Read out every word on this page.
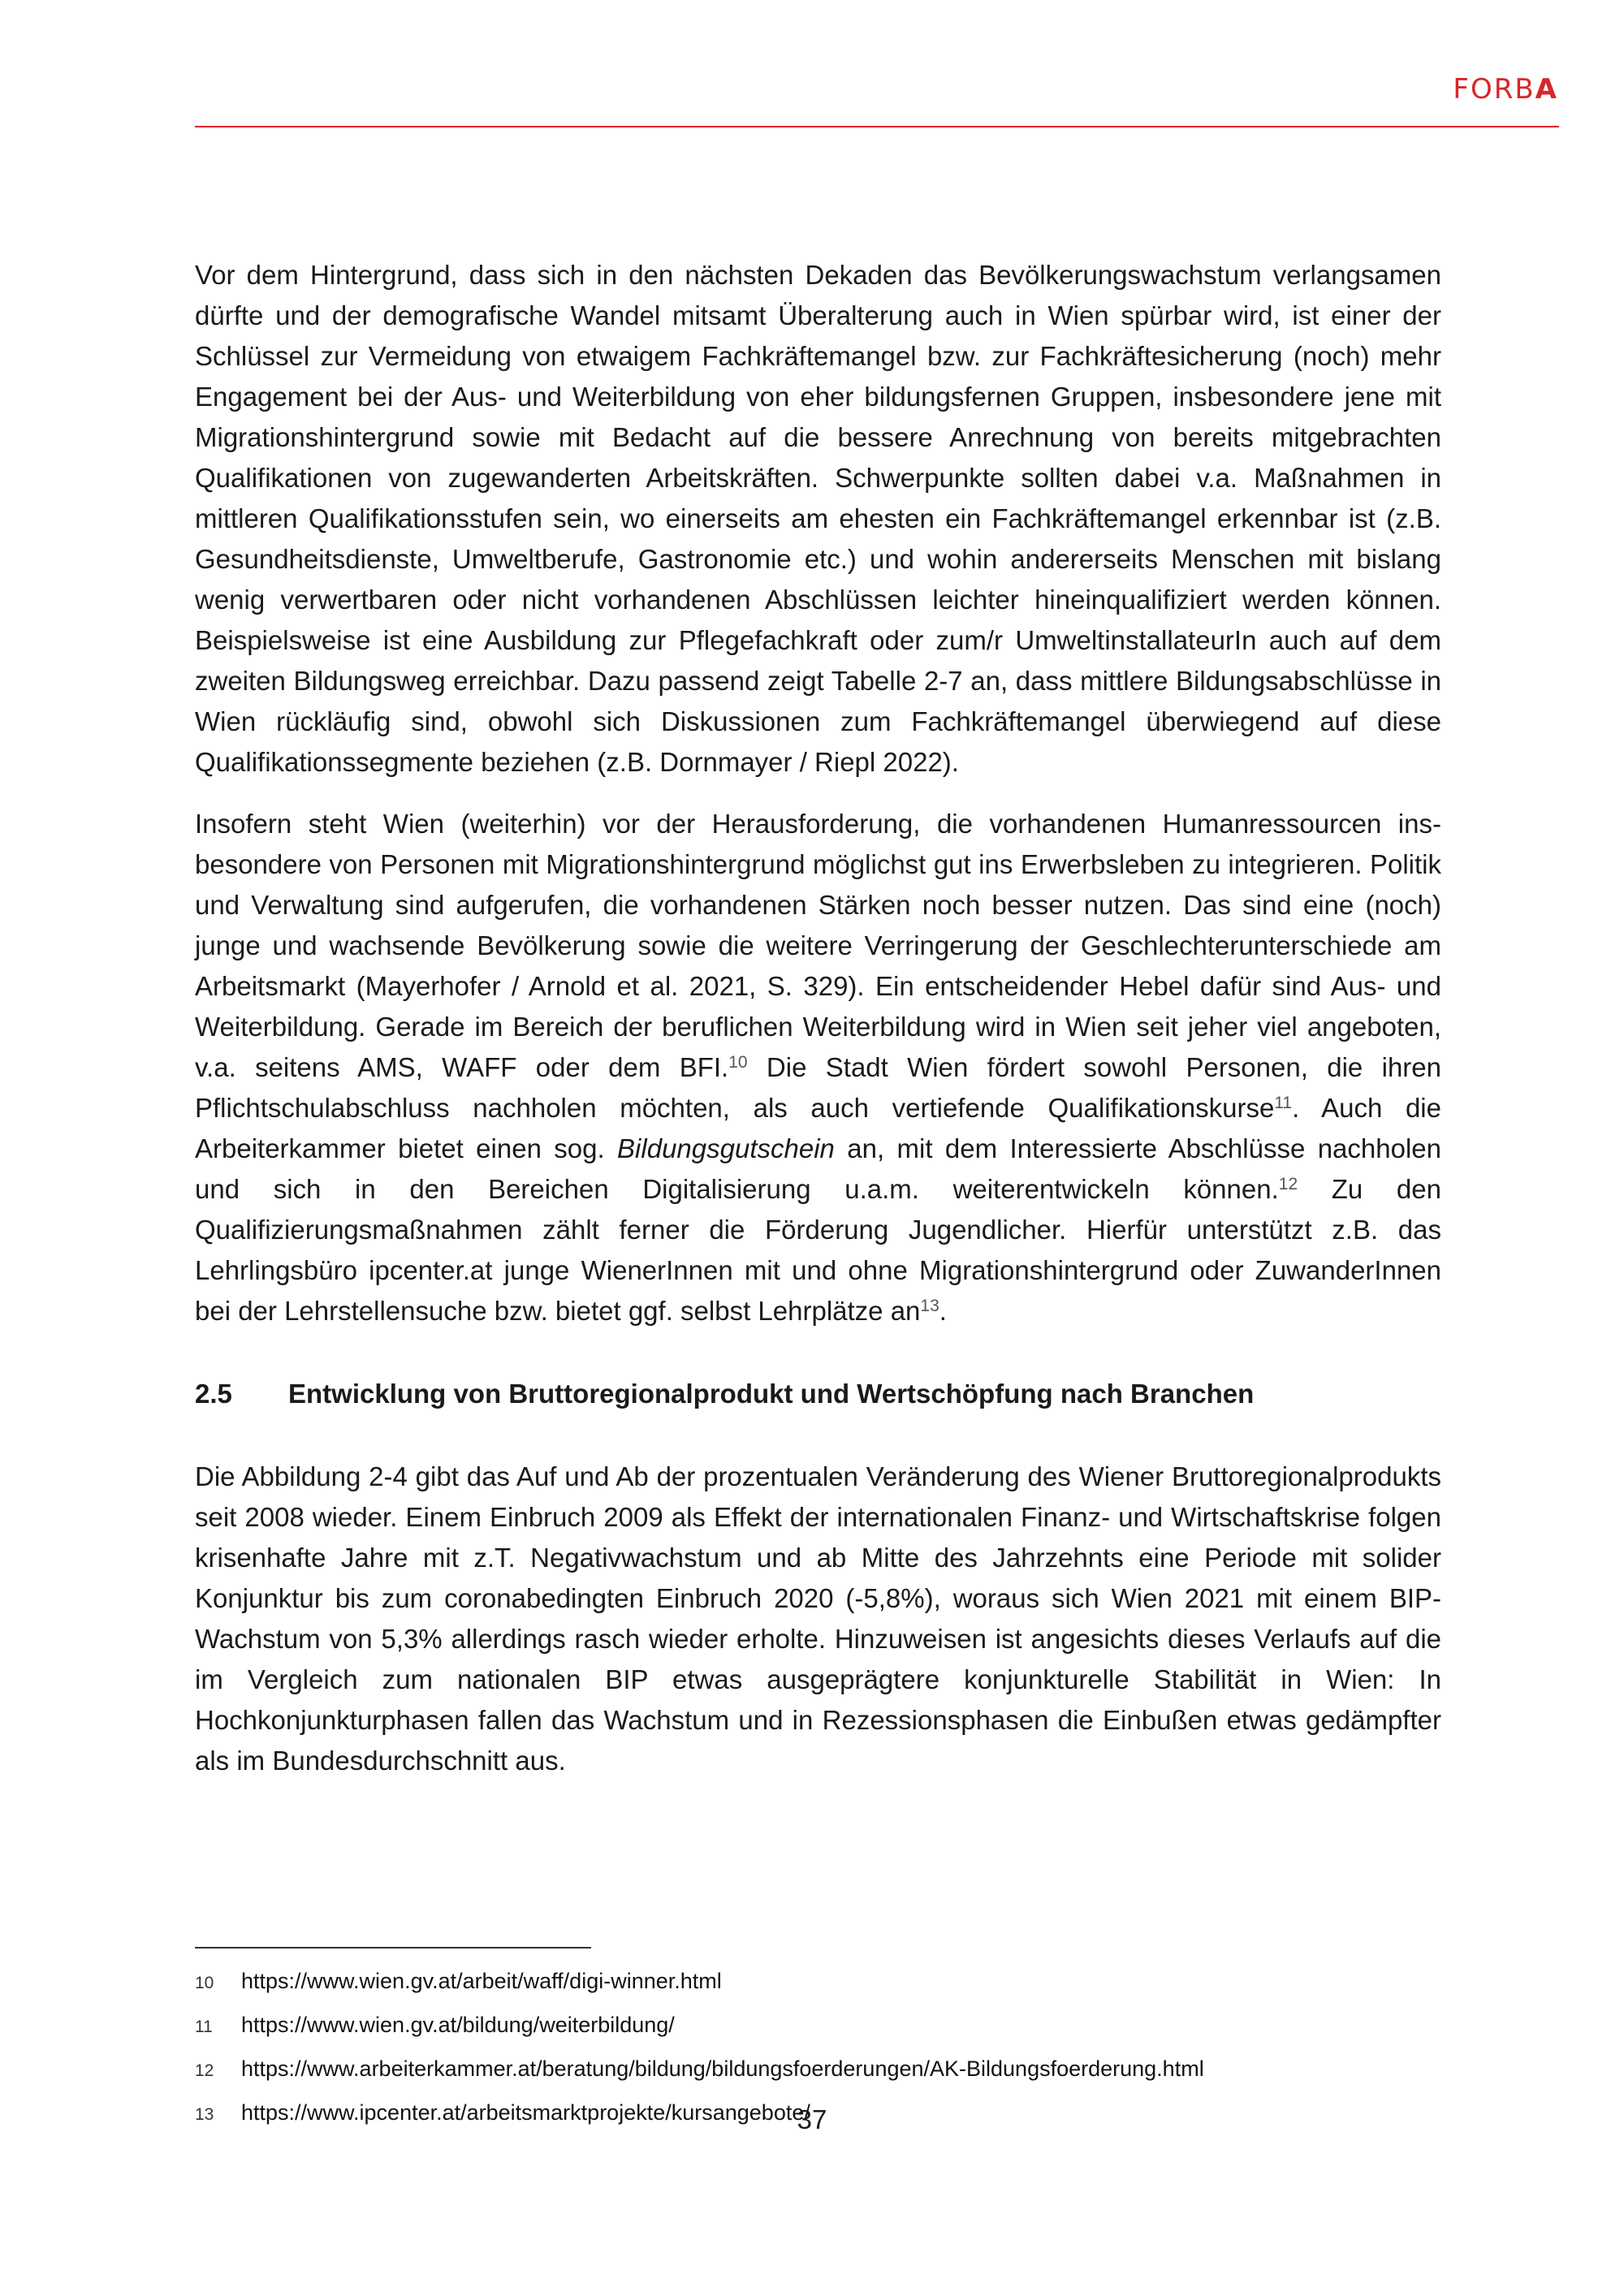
FORBA

Vor dem Hintergrund, dass sich in den nächsten Dekaden das Bevölkerungswachstum verlangsamen dürfte und der demografische Wandel mitsamt Überalterung auch in Wien spürbar wird, ist einer der Schlüssel zur Vermeidung von etwaigem Fachkräftemangel bzw. zur Fachkräftesicherung (noch) mehr Engagement bei der Aus- und Weiterbildung von eher bildungsfernen Gruppen, insbesondere jene mit Migrationshintergrund sowie mit Bedacht auf die bessere Anrechnung von bereits mitgebrachten Qualifikationen von zugewanderten Arbeitskräften. Schwerpunkte sollten dabei v.a. Maßnahmen in mittleren Qualifikationsstufen sein, wo einerseits am ehesten ein Fachkräftemangel erkennbar ist (z.B. Gesundheitsdienste, Umweltberufe, Gastronomie etc.) und wohin andererseits Menschen mit bislang wenig verwertbaren oder nicht vorhandenen Abschlüssen leichter hineinqualifiziert werden können. Beispielsweise ist eine Ausbildung zur Pflegefachkraft oder zum/r UmweltinstallateurIn auch auf dem zweiten Bildungsweg erreichbar. Dazu passend zeigt Tabelle 2-7 an, dass mittlere Bildungsabschlüsse in Wien rückläufig sind, obwohl sich Diskussionen zum Fachkräftemangel überwiegend auf diese Qualifikationssegmente beziehen (z.B. Dornmayer / Riepl 2022).

Insofern steht Wien (weiterhin) vor der Herausforderung, die vorhandenen Humanressourcen insbesondere von Personen mit Migrationshintergrund möglichst gut ins Erwerbsleben zu integrieren. Politik und Verwaltung sind aufgerufen, die vorhandenen Stärken noch besser nutzen. Das sind eine (noch) junge und wachsende Bevölkerung sowie die weitere Verringerung der Geschlechterunterschiede am Arbeitsmarkt (Mayerhofer / Arnold et al. 2021, S. 329). Ein entscheidender Hebel dafür sind Aus- und Weiterbildung. Gerade im Bereich der beruflichen Weiterbildung wird in Wien seit jeher viel angeboten, v.a. seitens AMS, WAFF oder dem BFI.$^{10}$ Die Stadt Wien fördert sowohl Personen, die ihren Pflichtschulabschluss nachholen möchten, als auch vertiefende Qualifikationskurse$^{11}$. Auch die Arbeiterkammer bietet einen sog. Bildungsgutschein an, mit dem Interessierte Abschlüsse nachholen und sich in den Bereichen Digitalisierung u.a.m. weiterentwickeln können.$^{12}$ Zu den Qualifizierungsmaßnahmen zählt ferner die Förderung Jugendlicher. Hierfür unterstützt z.B. das Lehrlingsbüro ipcenter.at junge WienerInnen mit und ohne Migrationshintergrund oder ZuwanderInnen bei der Lehrstellensuche bzw. bietet ggf. selbst Lehrplätze $an^{13}$.

2.5	Entwicklung von Bruttoregionalprodukt und Wertschöpfung nach Branchen

Die Abbildung 2-4 gibt das Auf und Ab der prozentualen Veränderung des Wiener Bruttoregionalprodukts seit 2008 wieder. Einem Einbruch 2009 als Effekt der internationalen Finanz- und Wirtschaftskrise folgen krisenhafte Jahre mit z.T. Negativwachstum und ab Mitte des Jahrzehnts eine Periode mit solider Konjunktur bis zum coronabedingten Einbruch 2020 (-5,8%), woraus sich Wien 2021 mit einem BIP-Wachstum von 5,3% allerdings rasch wieder erholte. Hinzuweisen ist angesichts dieses Verlaufs auf die im Vergleich zum nationalen BIP etwas ausgeprägtere konjunkturelle Stabilität in Wien: In Hochkonjunkturphasen fallen das Wachstum und in Rezessionsphasen die Einbußen etwas gedämpfter als im Bundesdurchschnitt aus.

10	https://www.wien.gv.at/arbeit/waff/digi-winner.html
11	https://www.wien.gv.at/bildung/weiterbildung/
12	https://www.arbeiterkammer.at/beratung/bildung/bildungsfoerderungen/AK-Bildungsfoerderung.html
13	https://www.ipcenter.at/arbeitsmarktprojekte/kursangebote/
37
